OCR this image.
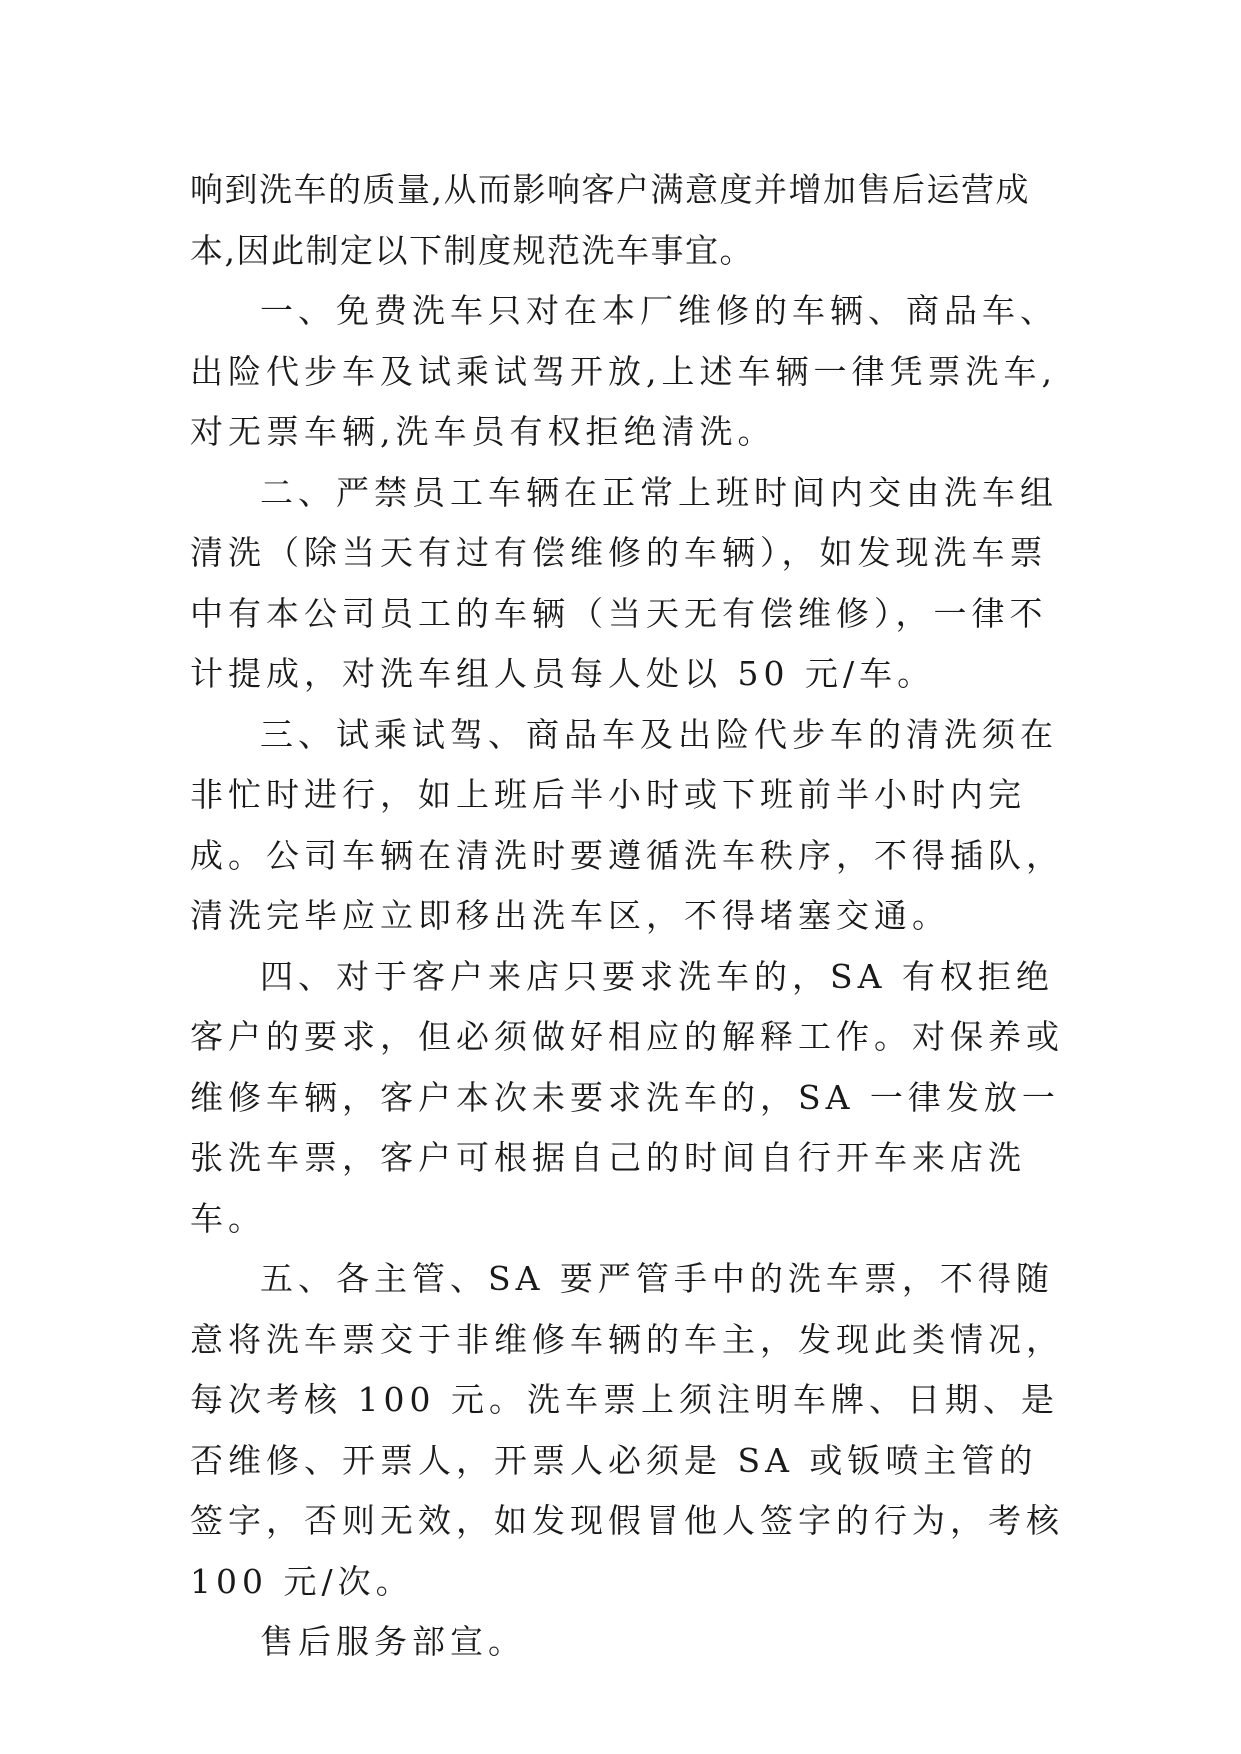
响到洗车的质量,从而影响客户满意度并增加售后运营成本,因此制定以下制度规范洗车事宜。

一、免费洗车只对在本厂维修的车辆、商品车、出险代步车及试乘试驾开放,上述车辆一律凭票洗车,对无票车辆,洗车员有权拒绝清洗。

二、严禁员工车辆在正常上班时间内交由洗车组清洗（除当天有过有偿维修的车辆），如发现洗车票中有本公司员工的车辆（当天无有偿维修），一律不计提成，对洗车组人员每人处以 50 元/车。

三、试乘试驾、商品车及出险代步车的清洗须在非忙时进行，如上班后半小时或下班前半小时内完成。公司车辆在清洗时要遵循洗车秩序，不得插队，清洗完毕应立即移出洗车区，不得堵塞交通。

四、对于客户来店只要求洗车的，SA 有权拒绝客户的要求，但必须做好相应的解释工作。对保养或维修车辆，客户本次未要求洗车的，SA 一律发放一张洗车票，客户可根据自己的时间自行开车来店洗车。

五、各主管、SA 要严管手中的洗车票，不得随意将洗车票交于非维修车辆的车主，发现此类情况，每次考核 100 元。洗车票上须注明车牌、日期、是否维修、开票人，开票人必须是 SA 或钣喷主管的签字，否则无效，如发现假冒他人签字的行为，考核 100 元/次。

售后服务部宣。
